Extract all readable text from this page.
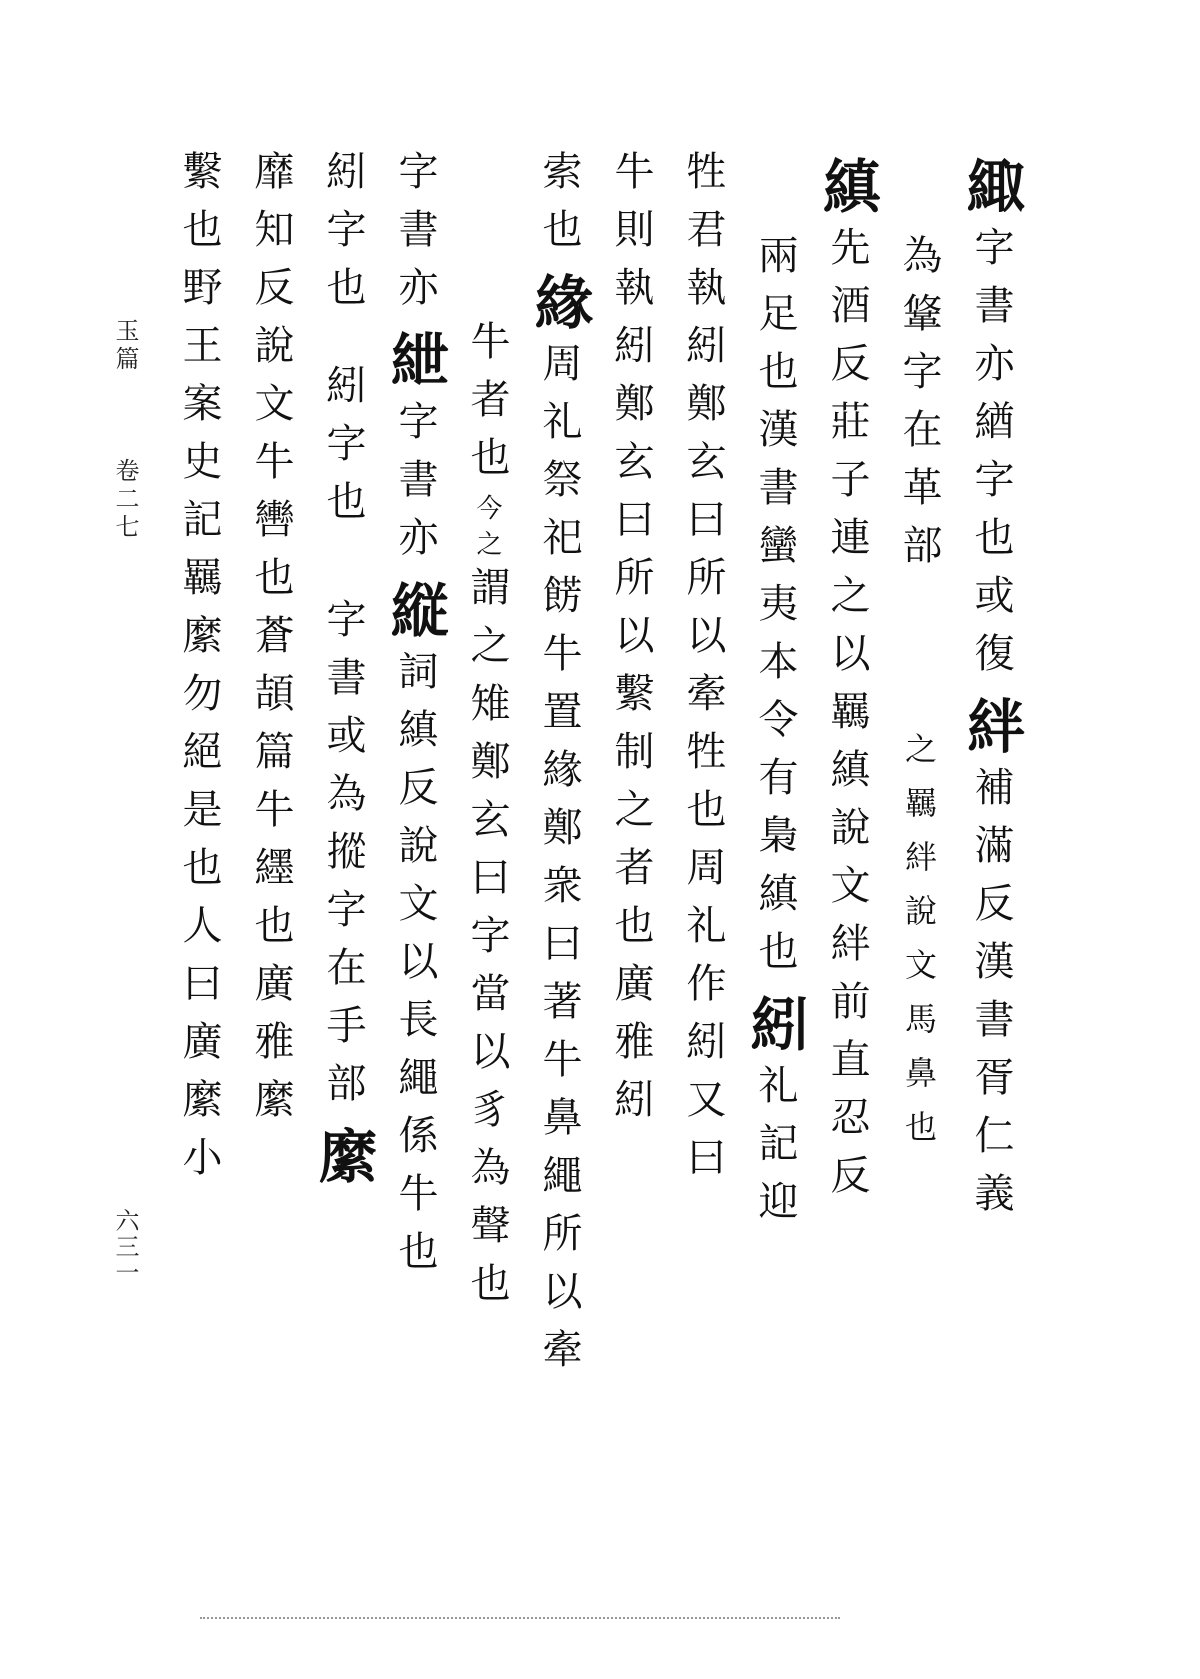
緅
字書亦緧字也或復
絆
補滿反漢書胥仁義
為䩦字在革部
之羈絆說文馬鼻也
縝
先酒反莊子連之以羈縝說文絆前
直忍反
兩足也漢書蠻夷本令有梟縝也
紖
礼記迎
牲君執紖鄭玄曰所以牽牲也周礼作紖又曰
牛則執紖鄭玄曰所以繫制之者也廣雅紖
索也
緣
周礼祭祀餝牛置緣鄭衆曰著牛鼻繩所以牽
牛者也
今之
謂之雉鄭玄曰字當以豸為聲也
字書亦
紲
字書亦
縦
詞縝反說文以長繩係牛也
紖字也
紖字也
字書或為摐字在手部
縻
靡知反說文牛轡也蒼頡篇牛纆也廣雅縻
繫也野王案史記羈縻勿絕是也人曰廣縻小
玉篇  卷二七
六三一
